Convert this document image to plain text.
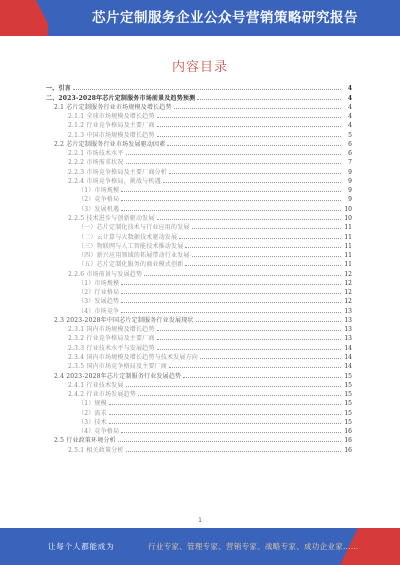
芯片定制服务企业公众号营销策略研究报告
内容目录
一、引言	4
二、2023-2028年芯片定制服务市场前景及趋势预测	4
2.1 芯片定制服务行业市场规模及增长趋势	4
2.1.1 全球市场规模及增长趋势	4
2.1.2 行业竞争格局及主要厂商	4
2.1.3 中国市场规模及增长趋势	5
2.2 芯片定制服务行业市场发展驱动因素	6
2.2.1 市场技术水平	6
2.2.2 市场需求状况	7
2.2.3 市场竞争格局及主要厂商分析	9
2.2.4 市场竞争格局、挑战与机遇	9
（1）市场规模	9
（2）竞争格局	9
（3）发展机遇	10
2.2.5 技术进步与创新驱动发展	10
（一）芯片定制化技术与行业应用的发展	11
（二）云计算与大数据技术驱动发展	11
（三）物联网与人工智能技术推动发展	11
（四）新兴应用领域的拓展带动行业发展	11
（五）芯片定制化服务的商业模式创新	11
2.2.6 市场前景与发展趋势	12
（1）市场规模	12
（2）行业格局	12
（3）发展趋势	12
（4）市场竞争	13
2.3 2023-2028年中国芯片定制服务行业发展现状	13
2.3.1 国内市场规模及增长趋势	13
2.3.2 行业竞争格局及主要厂商	13
2.3.3 行业技术水平与发展趋势	14
2.3.4 国内市场规模及增长趋势与技术发展方向	14
2.3.5 国内市场竞争格局及主要厂商	14
2.4 2023-2028年芯片定制服务行业发展趋势	15
2.4.1 行业技术发展	15
2.4.2 行业市场发展趋势	15
（1）规模	15
（2）需求	15
（3）技术	15
（4）竞争格局	16
2.5 行业政策环境分析	16
2.5.1 相关政策分析	16
1
让每个人都能成为	行业专家、管理专家、营销专家、战略专家、成功企业家……
